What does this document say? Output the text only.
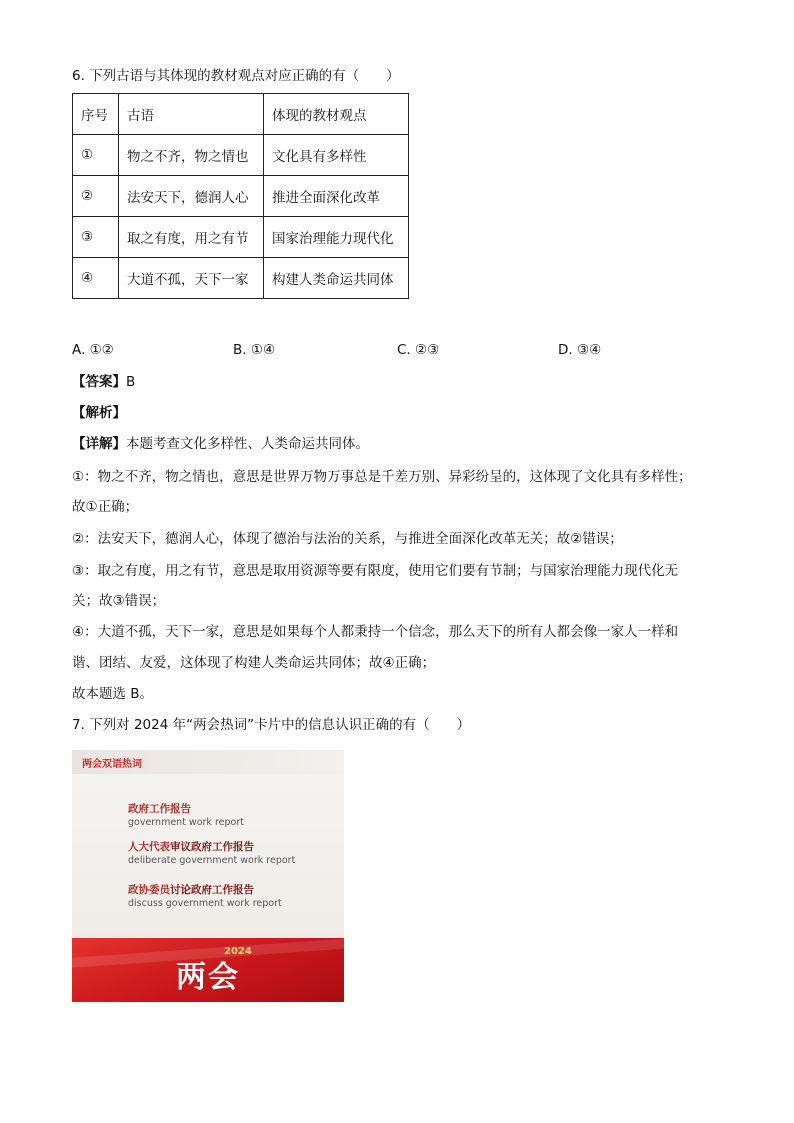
6. 下列古语与其体现的教材观点对应正确的有（　　）
序号	古语	体现的教材观点
①	物之不齐，物之情也	文化具有多样性
②	法安天下，德润人心	推进全面深化改革
③	取之有度，用之有节	国家治理能力现代化
④	大道不孤，天下一家	构建人类命运共同体
A. ①②	B. ①④	C. ②③	D. ③④
【答案】B
【解析】
【详解】本题考查文化多样性、人类命运共同体。
①：物之不齐，物之情也，意思是世界万物万事总是千差万别、异彩纷呈的，这体现了文化具有多样性；
故①正确；
②：法安天下，德润人心，体现了德治与法治的关系，与推进全面深化改革无关；故②错误；
③：取之有度，用之有节，意思是取用资源等要有限度，使用它们要有节制；与国家治理能力现代化无
关；故③错误；
④：大道不孤，天下一家，意思是如果每个人都秉持一个信念，那么天下的所有人都会像一家人一样和
谐、团结、友爱，这体现了构建人类命运共同体；故④正确；
故本题选 B。
7. 下列对 2024 年“两会热词”卡片中的信息认识正确的有（　　）
两会双语热词
政府工作报告
government work report
人大代表审议政府工作报告
deliberate government work report
政协委员讨论政府工作报告
discuss government work report
2024
两会
